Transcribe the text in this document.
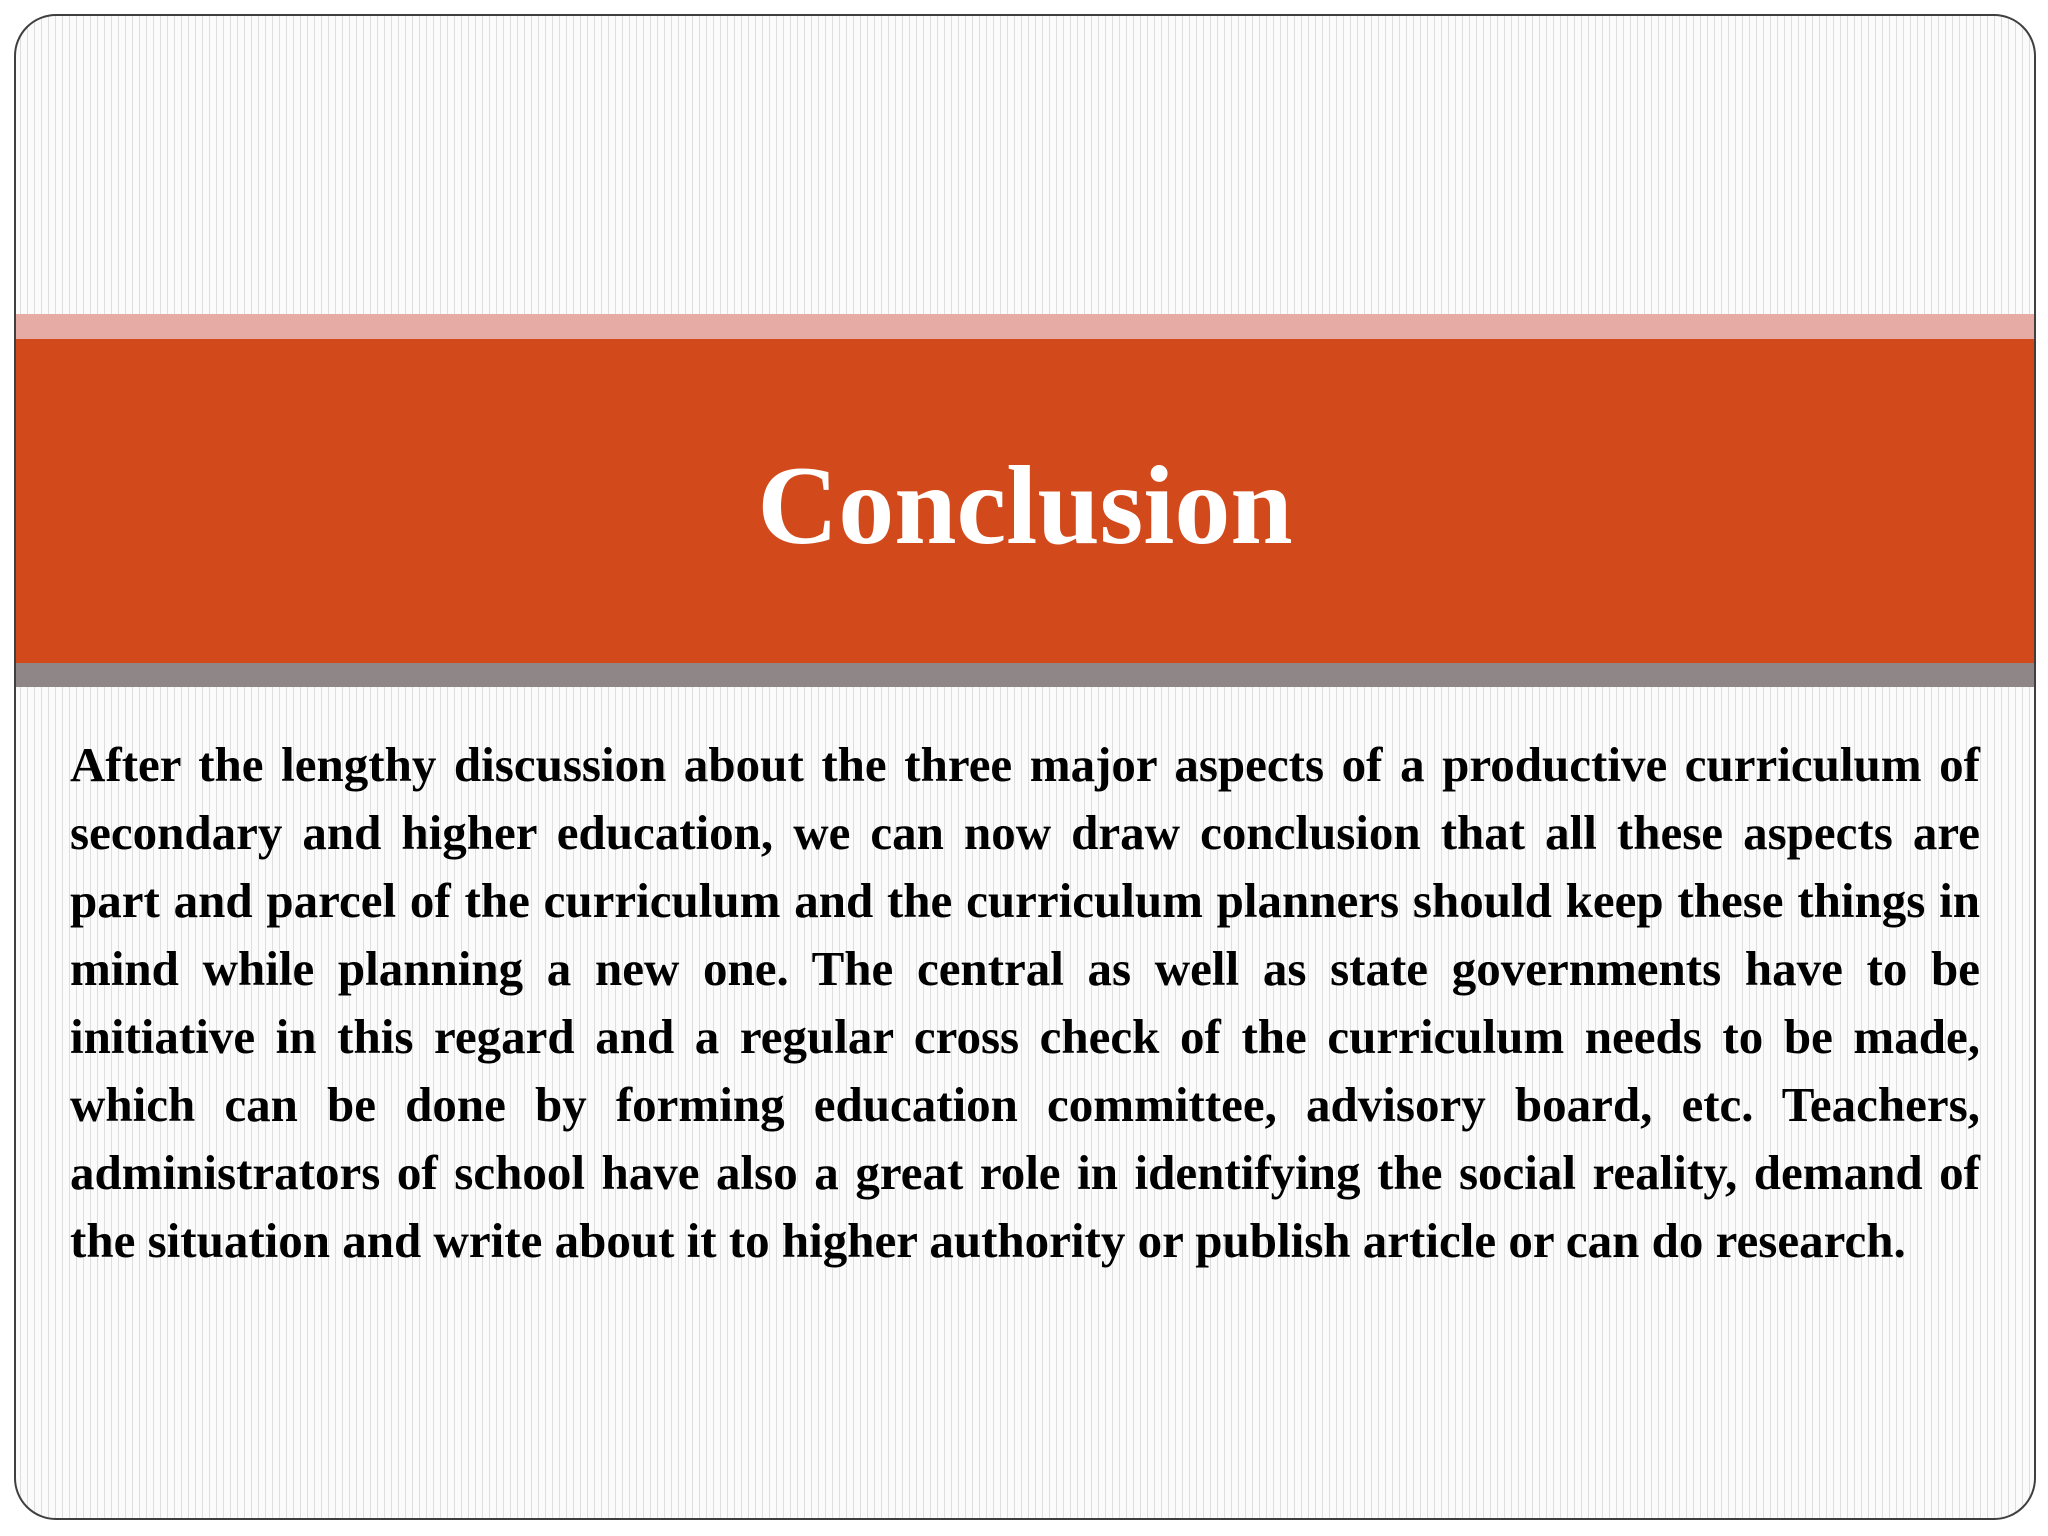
Conclusion

After the lengthy discussion about the three major aspects of a productive curriculum of secondary and higher education, we can now draw conclusion that all these aspects are part and parcel of the curriculum and the curriculum planners should keep these things in mind while planning a new one. The central as well as state governments have to be initiative in this regard and a regular cross check of the curriculum needs to be made, which can be done by forming education committee, advisory board, etc. Teachers, administrators of school have also a great role in identifying the social reality, demand of the situation and write about it to higher authority or publish article or can do research.
